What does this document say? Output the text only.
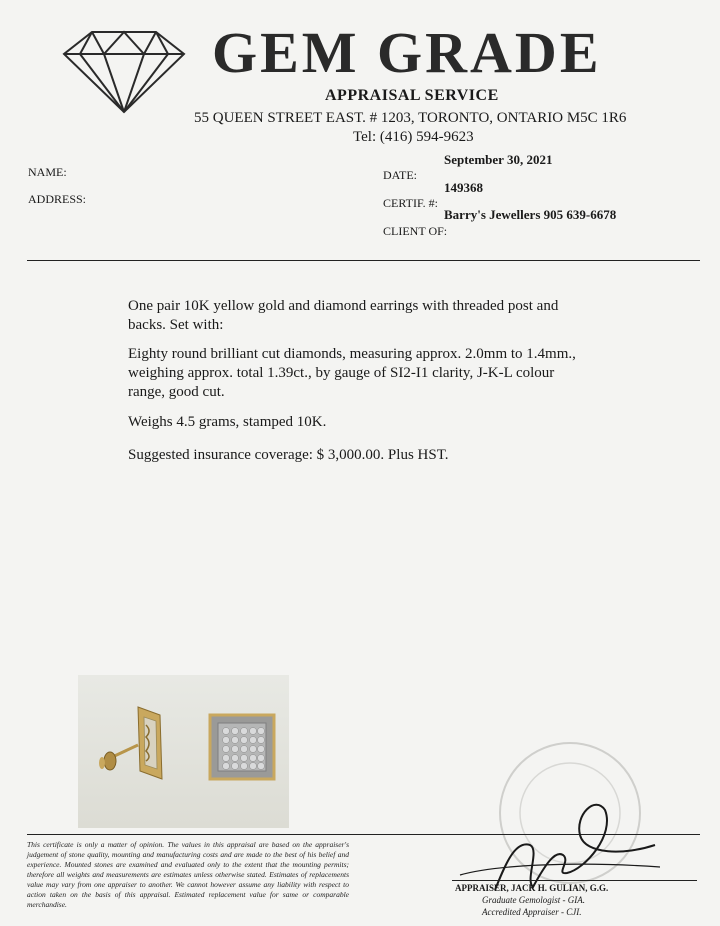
GEM GRADE
APPRAISAL SERVICE
55 QUEEN STREET EAST. # 1203, TORONTO, ONTARIO M5C 1R6
Tel: (416) 594-9623
NAME:
ADDRESS:
September 30, 2021
DATE:
149368
CERTIF. #:
Barry's Jewellers 905 639-6678
CLIENT OF:
One pair 10K yellow gold and diamond earrings with threaded post and backs. Set with:
Eighty round brilliant cut diamonds, measuring approx. 2.0mm to 1.4mm., weighing approx. total 1.39ct., by gauge of SI2-I1 clarity, J-K-L colour range, good cut.
Weighs 4.5 grams, stamped 10K.
Suggested insurance coverage: $ 3,000.00. Plus HST.
This certificate is only a matter of opinion. The values in this appraisal are based on the appraiser's judgement of stone quality, mounting and manufacturing costs and are made to the best of his belief and experience. Mounted stones are examined and evaluated only to the extent that the mounting permits; therefore all weights and measurements are estimates unless otherwise stated. Estimates of replacements value may vary from one appraiser to another. We cannot however assume any liability with respect to action taken on the basis of this appraisal. Estimated replacement value for same or comparable merchandise.
APPRAISER, JACK H. GULIAN, G.G.
Graduate Gemologist - GIA.
Accredited Appraiser - CJI.
